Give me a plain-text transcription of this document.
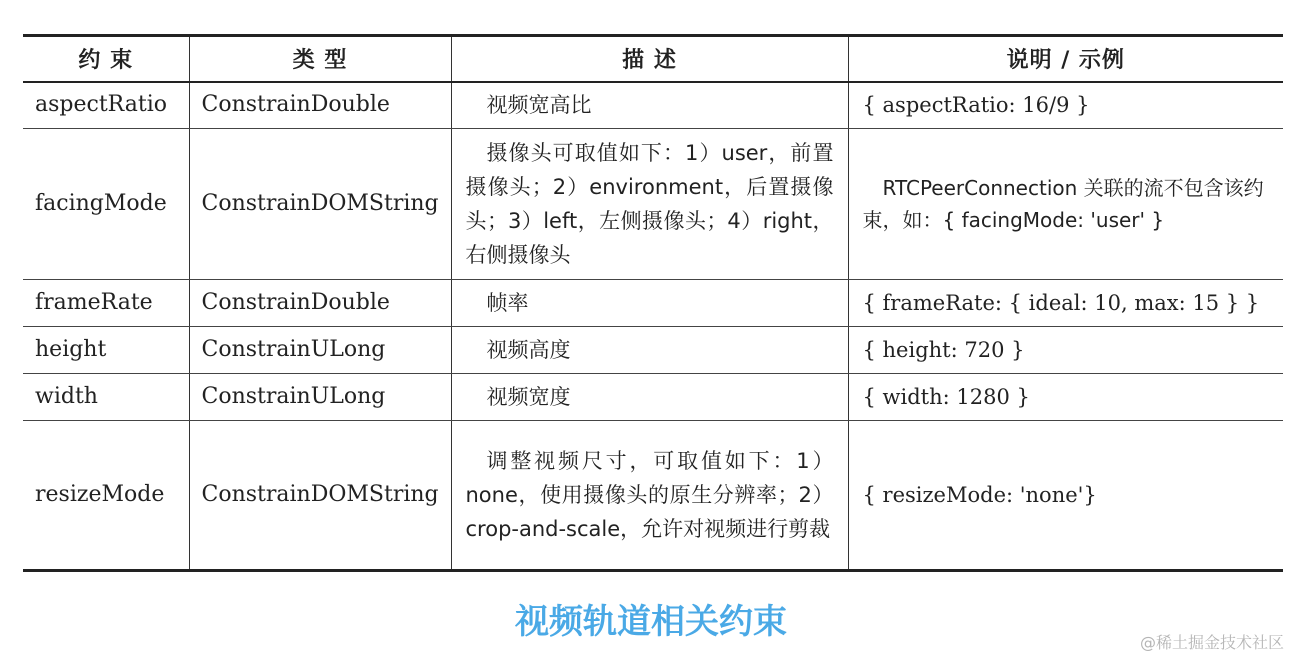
约 束	类 型	描 述	说明 / 示例
aspectRatio	ConstrainDouble	视频宽高比	{ aspectRatio: 16/9 }
facingMode	ConstrainDOMString	摄像头可取值如下：1）user，前置摄像头；2）environment，后置摄像头；3）left，左侧摄像头；4）right，右侧摄像头	RTCPeerConnection 关联的流不包含该约束，如：{ facingMode: 'user' }
frameRate	ConstrainDouble	帧率	{ frameRate: { ideal: 10, max: 15 } }
height	ConstrainULong	视频高度	{ height: 720 }
width	ConstrainULong	视频宽度	{ width: 1280 }
resizeMode	ConstrainDOMString	调整视频尺寸，可取值如下：1）none，使用摄像头的原生分辨率；2）crop-and-scale，允许对视频进行剪裁	{ resizeMode: 'none'}
视频轨道相关约束
@稀土掘金技术社区
